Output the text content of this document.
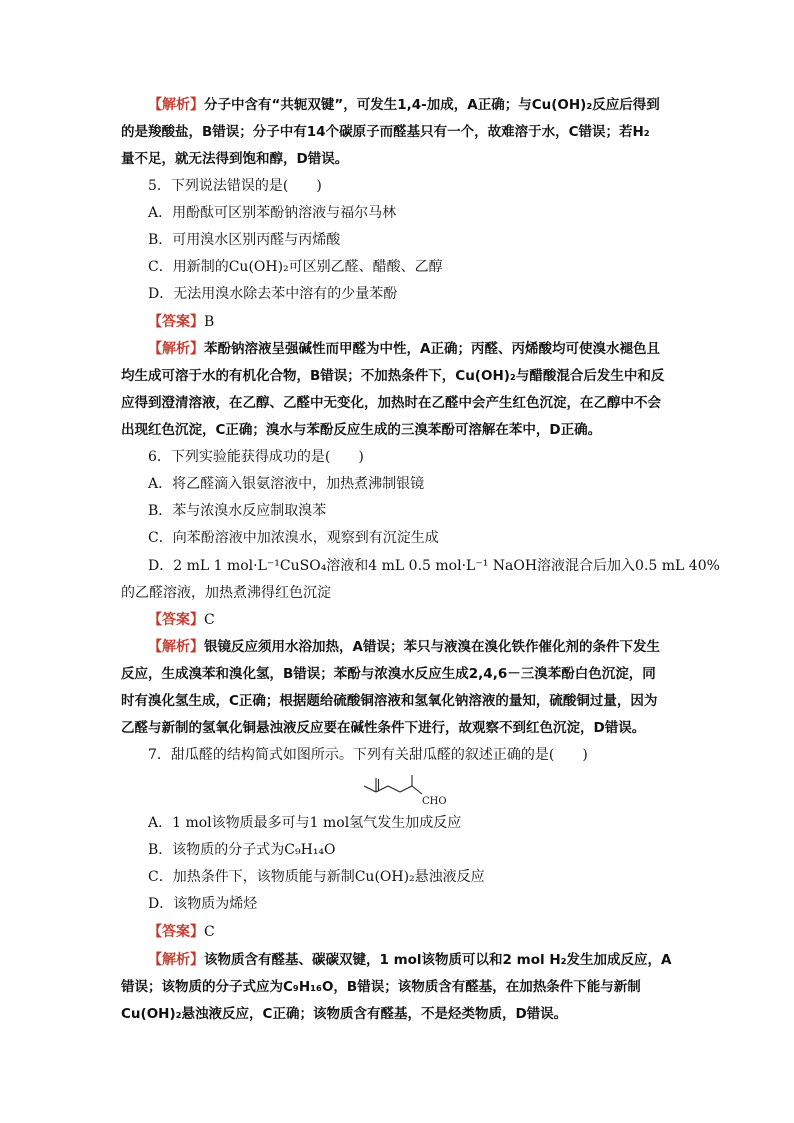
【解析】分子中含有“共轭双键”，可发生1,4-加成，A正确；与Cu(OH)₂反应后得到
的是羧酸盐，B错误；分子中有14个碳原子而醛基只有一个，故难溶于水，C错误；若H₂
量不足，就无法得到饱和醇，D错误。
5．下列说法错误的是(　　)
A．用酚酞可区别苯酚钠溶液与福尔马林
B．可用溴水区别丙醛与丙烯酸
C．用新制的Cu(OH)₂可区别乙醛、醋酸、乙醇
D．无法用溴水除去苯中溶有的少量苯酚
【答案】B
【解析】苯酚钠溶液呈强碱性而甲醛为中性，A正确；丙醛、丙烯酸均可使溴水褪色且
均生成可溶于水的有机化合物，B错误；不加热条件下，Cu(OH)₂与醋酸混合后发生中和反
应得到澄清溶液，在乙醇、乙醛中无变化，加热时在乙醛中会产生红色沉淀，在乙醇中不会
出现红色沉淀，C正确；溴水与苯酚反应生成的三溴苯酚可溶解在苯中，D正确。
6．下列实验能获得成功的是(　　)
A．将乙醛滴入银氨溶液中，加热煮沸制银镜
B．苯与浓溴水反应制取溴苯
C．向苯酚溶液中加浓溴水，观察到有沉淀生成
D．2 mL 1 mol·L⁻¹CuSO₄溶液和4 mL 0.5 mol·L⁻¹ NaOH溶液混合后加入0.5 mL 40%
的乙醛溶液，加热煮沸得红色沉淀
【答案】C
【解析】银镜反应须用水浴加热，A错误；苯只与液溴在溴化铁作催化剂的条件下发生
反应，生成溴苯和溴化氢，B错误；苯酚与浓溴水反应生成2,4,6－三溴苯酚白色沉淀，同
时有溴化氢生成，C正确；根据题给硫酸铜溶液和氢氧化钠溶液的量知，硫酸铜过量，因为
乙醛与新制的氢氧化铜悬浊液反应要在碱性条件下进行，故观察不到红色沉淀，D错误。
7．甜瓜醛的结构简式如图所示。下列有关甜瓜醛的叙述正确的是(　　)
CHO
A．1 mol该物质最多可与1 mol氢气发生加成反应
B．该物质的分子式为C₉H₁₄O
C．加热条件下，该物质能与新制Cu(OH)₂悬浊液反应
D．该物质为烯烃
【答案】C
【解析】该物质含有醛基、碳碳双键，1 mol该物质可以和2 mol H₂发生加成反应，A
错误；该物质的分子式应为C₉H₁₆O，B错误；该物质含有醛基，在加热条件下能与新制
Cu(OH)₂悬浊液反应，C正确；该物质含有醛基，不是烃类物质，D错误。
